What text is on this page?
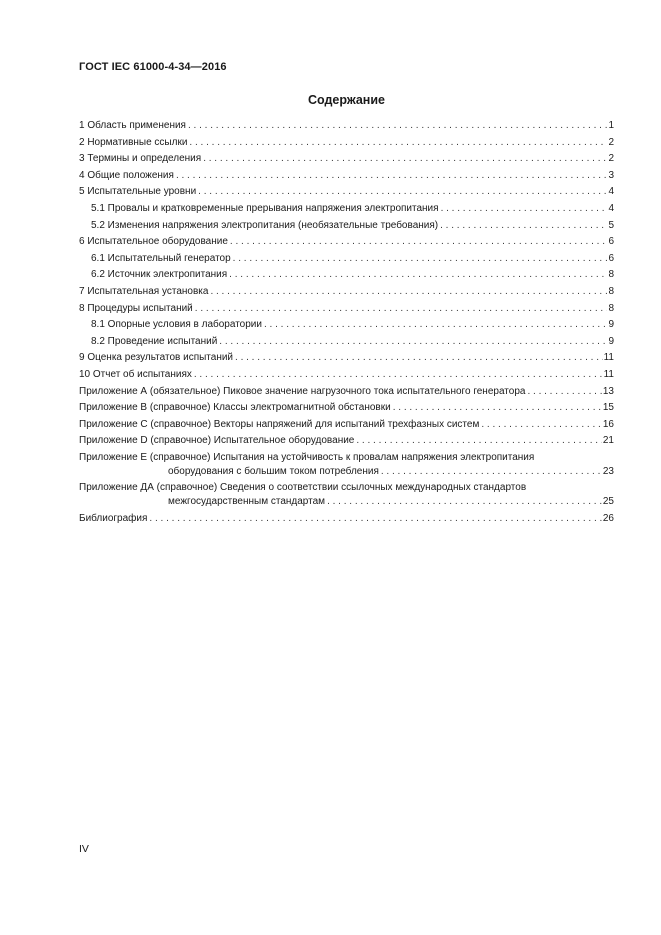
ГОСТ IEC 61000-4-34—2016
Содержание
1 Область применения . . .	1
2 Нормативные ссылки . . .	2
3 Термины и определения . . .	2
4 Общие положения . . .	3
5 Испытательные уровни . . .	4
5.1 Провалы и кратковременные прерывания напряжения электропитания . . .	4
5.2 Изменения напряжения электропитания (необязательные требования) . . .	5
6 Испытательное оборудование . . .	6
6.1 Испытательный генератор . . .	6
6.2 Источник электропитания . . .	8
7 Испытательная установка . . .	8
8 Процедуры испытаний . . .	8
8.1 Опорные условия в лаборатории . . .	9
8.2 Проведение испытаний . . .	9
9 Оценка результатов испытаний . . .	11
10 Отчет об испытаниях . . .	11
Приложение А (обязательное) Пиковое значение нагрузочного тока испытательного генератора . . .	13
Приложение В (справочное) Классы электромагнитной обстановки . . .	15
Приложение С (справочное) Векторы напряжений для испытаний трехфазных систем . . .	16
Приложение D (справочное) Испытательное оборудование . . .	21
Приложение Е (справочное) Испытания на устойчивость к провалам напряжения электропитания
оборудования с большим током потребления . . .	23
Приложение ДА (справочное) Сведения о соответствии ссылочных международных стандартов
межгосударственным стандартам . . .	25
Библиография . . .	26
IV
